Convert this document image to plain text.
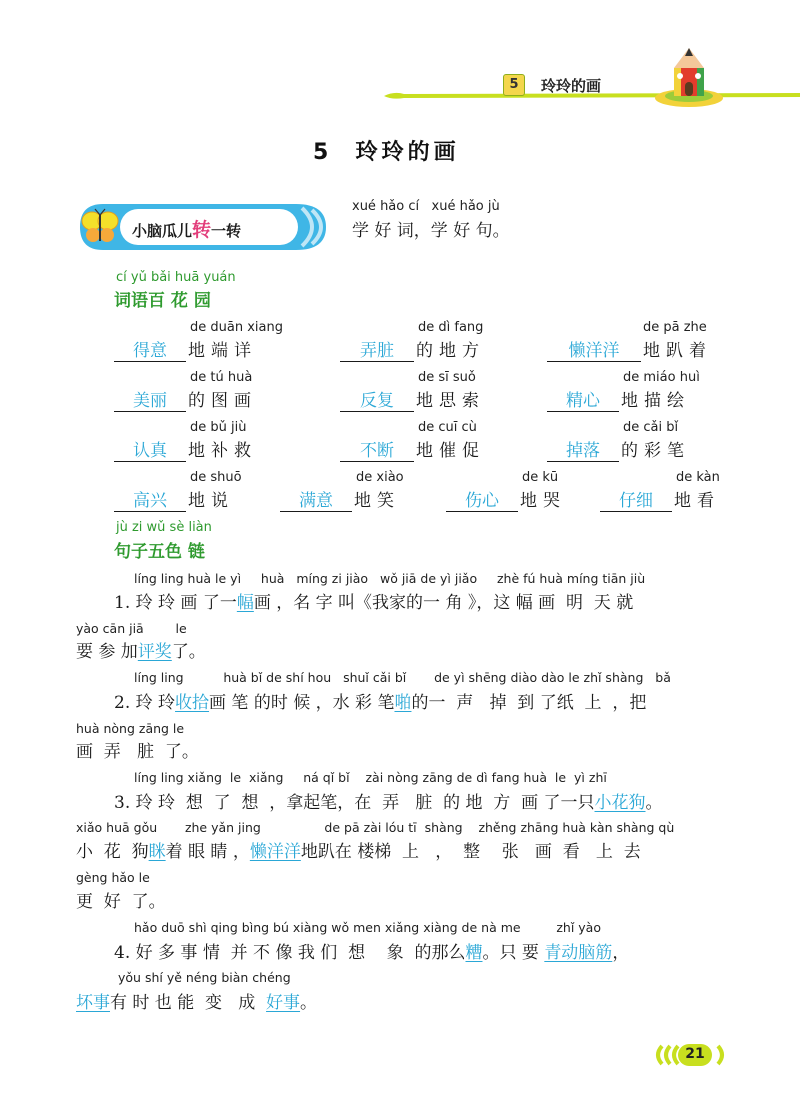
5	玲玲的画
5  玲玲的画
小脑瓜儿转一转
xué hǎo cí   xué hǎo jù
学 好 词，学 好 句。
cí yǔ bǎi huā yuán
词语百 花 园
de duān xiang
得意 地端详
de dì fang
弄脏 的地方
de pā zhe
懒洋洋 地趴着
de tú huà
美丽 的图画
de sī suǒ
反复 地思索
de miáo huì
精心 地描绘
de bǔ jiù
认真 地补救
de cuī cù
不断 地催促
de cǎi bǐ
掉落 的彩笔
de shuō
高兴 地说
de xiào
满意 地笑
de kū
伤心 地哭
de kàn
仔细 地看
jù zi wǔ sè liàn
句子五色 链
líng ling huà le yì     huà   míng zi jiào   wǒ jiā de yì jiǎo     zhè fú huà míng tiān jiù
1. 玲 玲 画 了一幅画 ，名 字 叫《我家的一 角 》，这 幅 画  明  天 就
yào cān jiā        le
要 参 加评奖了。
líng ling          huà bǐ de shí hou   shuǐ cǎi bǐ       de yì shēng diào dào le zhǐ shàng   bǎ
2. 玲 玲收拾画 笔 的时 候 ，水 彩 笔啪的一  声   掉  到 了纸  上  ，把
huà nòng zāng le
画  弄   脏  了。
líng ling xiǎng  le  xiǎng     ná qǐ bǐ    zài nòng zāng de dì fang huà  le  yì zhī
3. 玲 玲  想  了  想  ，拿起笔，在  弄   脏  的 地  方  画 了一只小花狗。
xiǎo huā gǒu       zhe yǎn jing                de pā zài lóu tī  shàng    zhěng zhāng huà kàn shàng qù
小  花  狗眯着 眼 睛 ，懒洋洋地趴在 楼梯  上   ，  整    张   画  看   上  去
gèng hǎo le
更  好  了。
hǎo duō shì qing bìng bú xiàng wǒ men xiǎng xiàng de nà me         zhǐ yào
4. 好 多 事 情  并 不 像 我 们  想    象  的那么糟。只 要 青动脑筋，
yǒu shí yě néng biàn chéng
坏事有 时 也 能  变   成  好事。
21
